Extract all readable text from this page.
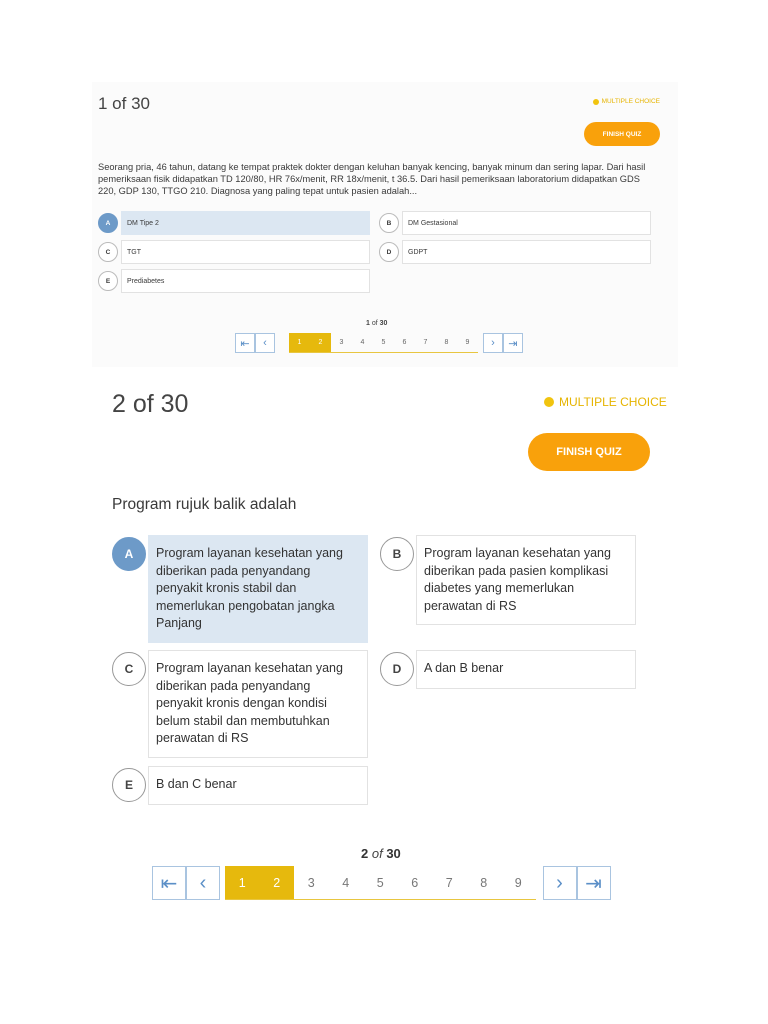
1 of 30	MULTIPLE CHOICE
FINISH QUIZ

Seorang pria, 46 tahun, datang ke tempat praktek dokter dengan keluhan banyak kencing, banyak minum dan sering lapar. Dari hasil pemeriksaan fisik didapatkan TD 120/80, HR 76x/menit, RR 18x/menit, t 36.5. Dari hasil pemeriksaan laboratorium didapatkan GDS 220, GDP 130, TTGO 210. Diagnosa yang paling tepat untuk pasien adalah...

A	DM Tipe 2	B	DM Gestasional
C	TGT	D	GDPT
E	Prediabetes
1 of 30
⇤	‹	1	2	3	4	5	6	7	8	9	›	⇥
2 of 30	MULTIPLE CHOICE
FINISH QUIZ

Program rujuk balik adalah

A	Program layanan kesehatan yang diberikan pada penyandang penyakit kronis stabil dan memerlukan pengobatan jangka Panjang
B	Program layanan kesehatan yang diberikan pada pasien komplikasi diabetes yang memerlukan perawatan di RS
C	Program layanan kesehatan yang diberikan pada penyandang penyakit kronis dengan kondisi belum stabil dan membutuhkan perawatan di RS
D	A dan B benar
E	B dan C benar
2 of 30
⇤	‹	1	2	3	4	5	6	7	8	9	›	⇥
